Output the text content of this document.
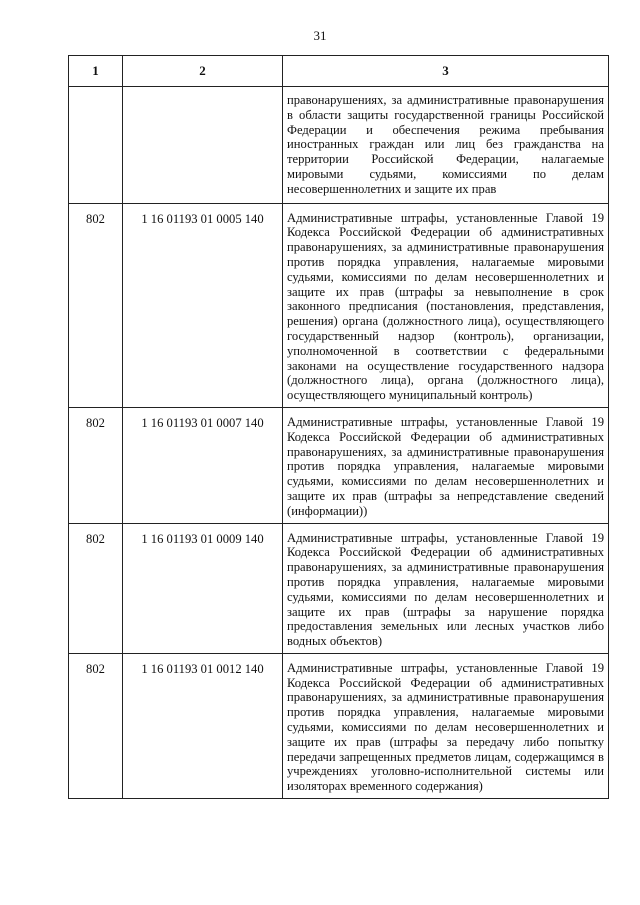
31
1	2	3

		правонарушениях, за административные правонарушения в области защиты государственной границы Российской Федерации и обеспечения режима пребывания иностранных граждан или лиц без гражданства на территории Российской Федерации, налагаемые мировыми судьями, комиссиями по делам несовершеннолетних и защите их прав

802	1 16 01193 01 0005 140	Административные штрафы, установленные Главой 19 Кодекса Российской Федерации об административных правонарушениях, за административные правонарушения против порядка управления, налагаемые мировыми судьями, комиссиями по делам несовершеннолетних и защите их прав (штрафы за невыполнение в срок законного предписания (постановления, представления, решения) органа (должностного лица), осуществляющего государственный надзор (контроль), организации, уполномоченной в соответствии с федеральными законами на осуществление государственного надзора (должностного лица), органа (должностного лица), осуществляющего муниципальный контроль)

802	1 16 01193 01 0007 140	Административные штрафы, установленные Главой 19 Кодекса Российской Федерации об административных правонарушениях, за административные правонарушения против порядка управления, налагаемые мировыми судьями, комиссиями по делам несовершеннолетних и защите их прав (штрафы за непредставление сведений (информации))

802	1 16 01193 01 0009 140	Административные штрафы, установленные Главой 19 Кодекса Российской Федерации об административных правонарушениях, за административные правонарушения против порядка управления, налагаемые мировыми судьями, комиссиями по делам несовершеннолетних и защите их прав (штрафы за нарушение порядка предоставления земельных или лесных участков либо водных объектов)

802	1 16 01193 01 0012 140	Административные штрафы, установленные Главой 19 Кодекса Российской Федерации об административных правонарушениях, за административные правонарушения против порядка управления, налагаемые мировыми судьями, комиссиями по делам несовершеннолетних и защите их прав (штрафы за передачу либо попытку передачи запрещенных предметов лицам, содержащимся в учреждениях уголовно-исполнительной системы или изоляторах временного содержания)
